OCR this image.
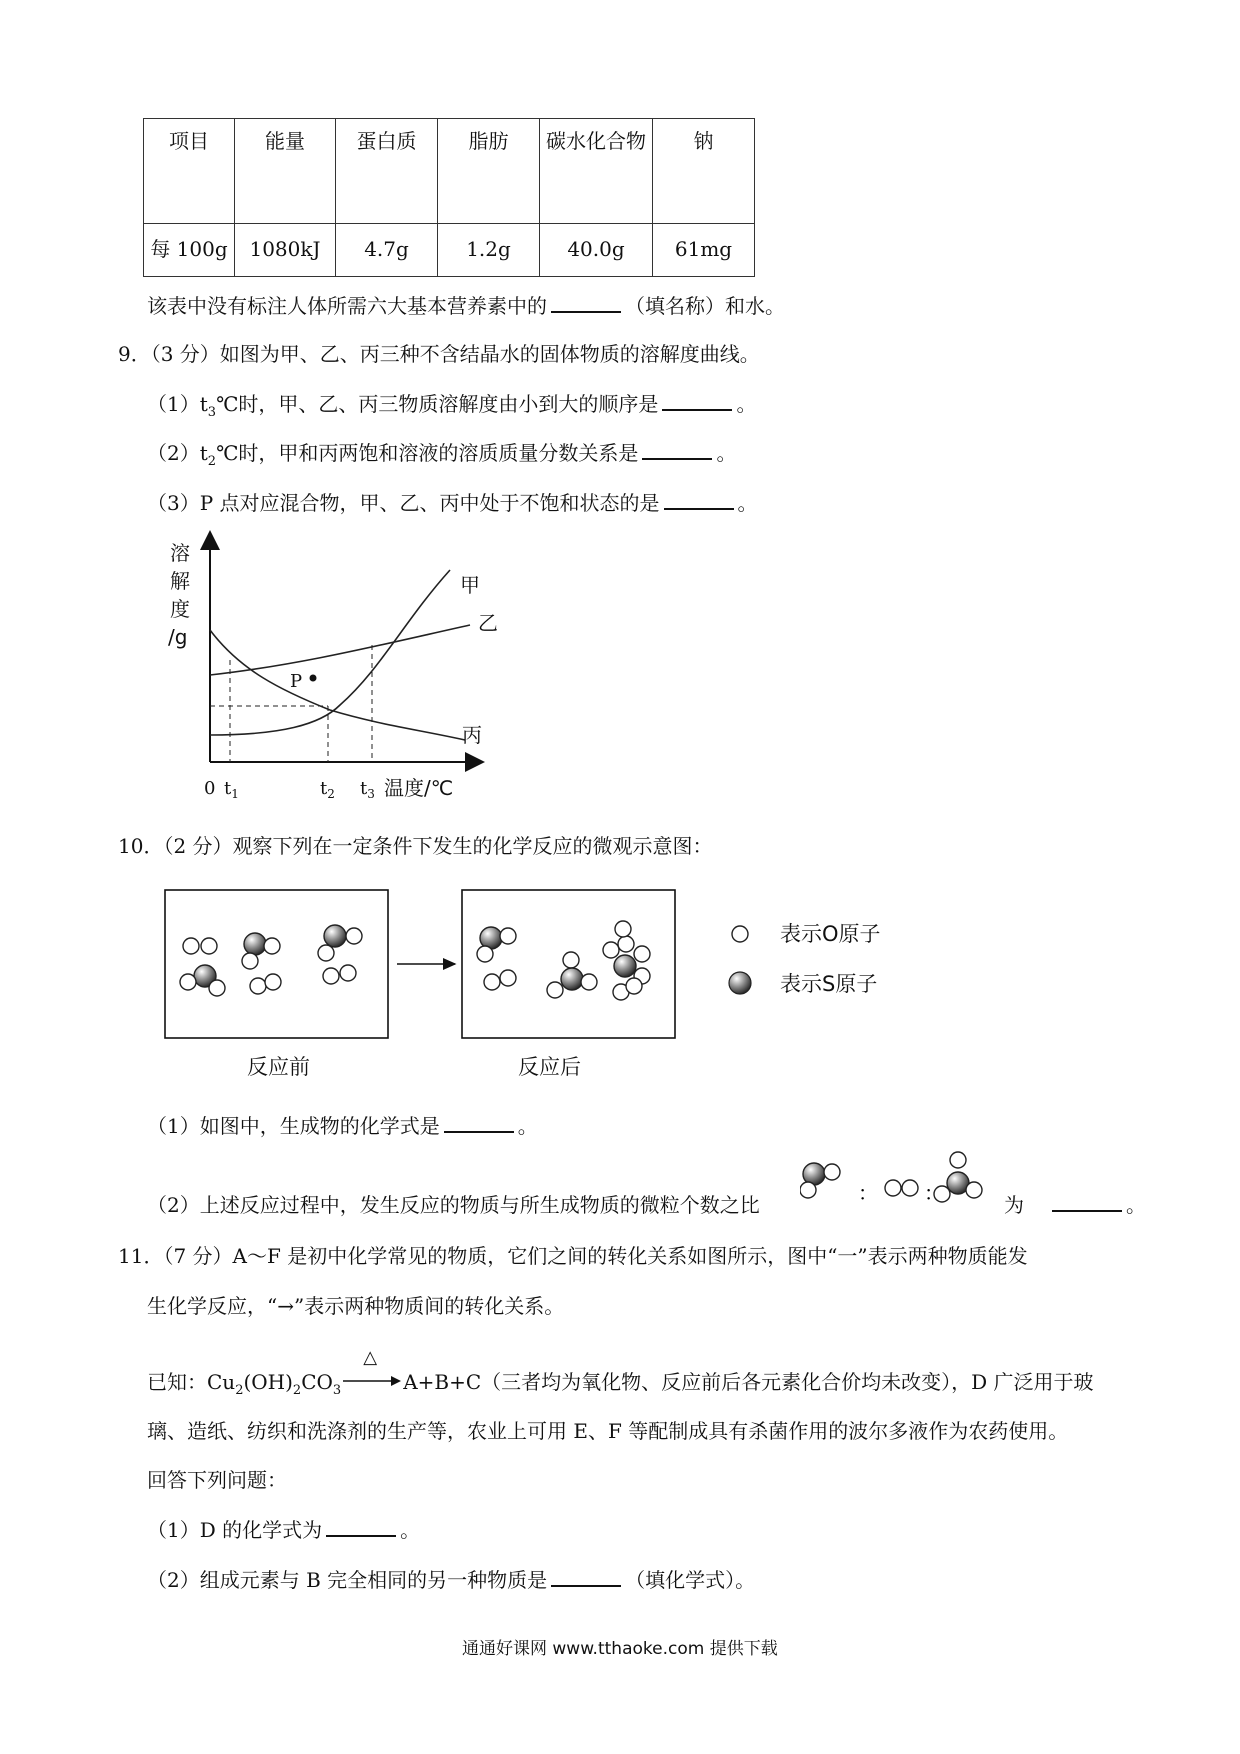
项目	能量	蛋白质	脂肪	碳水化合物	钠
每 100g	1080kJ	4.7g	1.2g	40.0g	61mg
该表中没有标注人体所需六大基本营养素中的	（填名称）和水。
9．（3 分）如图为甲、乙、丙三种不含结晶水的固体物质的溶解度曲线。
$(1)t_3℃$时，甲、乙、丙三物质溶解度由小到大的顺序是	。
$(2)t_2℃$时，甲和丙两饱和溶液的溶质质量分数关系是	。
（3）P 点对应混合物，甲、乙、丙中处于不饱和状态的是	。
溶
解
度
/g
甲
乙
丙
P
0 $t_1$	$t_2$ $t_3$ 温度/℃
10．（2 分）观察下列在一定条件下发生的化学反应的微观示意图：
表示O原子
表示S原子
反应前	反应后
（1）如图中，生成物的化学式是	。
（2）上述反应过程中，发生反应的物质与所生成物质的微粒个数之比	： ：	为	。
11．（7 分）A～F 是初中化学常见的物质，它们之间的转化关系如图所示，图中“一”表示两种物质能发
生化学反应，“→”表示两种物质间的转化关系。
已知：$Cu_2(OH)_2CO_3$
△
A+B+C（三者均为氧化物、反应前后各元素化合价均未改变），D 广泛用于玻
璃、造纸、纺织和洗涤剂的生产等，农业上可用 E、F 等配制成具有杀菌作用的波尔多液作为农药使用。
回答下列问题：
（1）D 的化学式为	。
（2）组成元素与 B 完全相同的另一种物质是	（填化学式）。
通通好课网 www.tthaoke.com 提供下载
